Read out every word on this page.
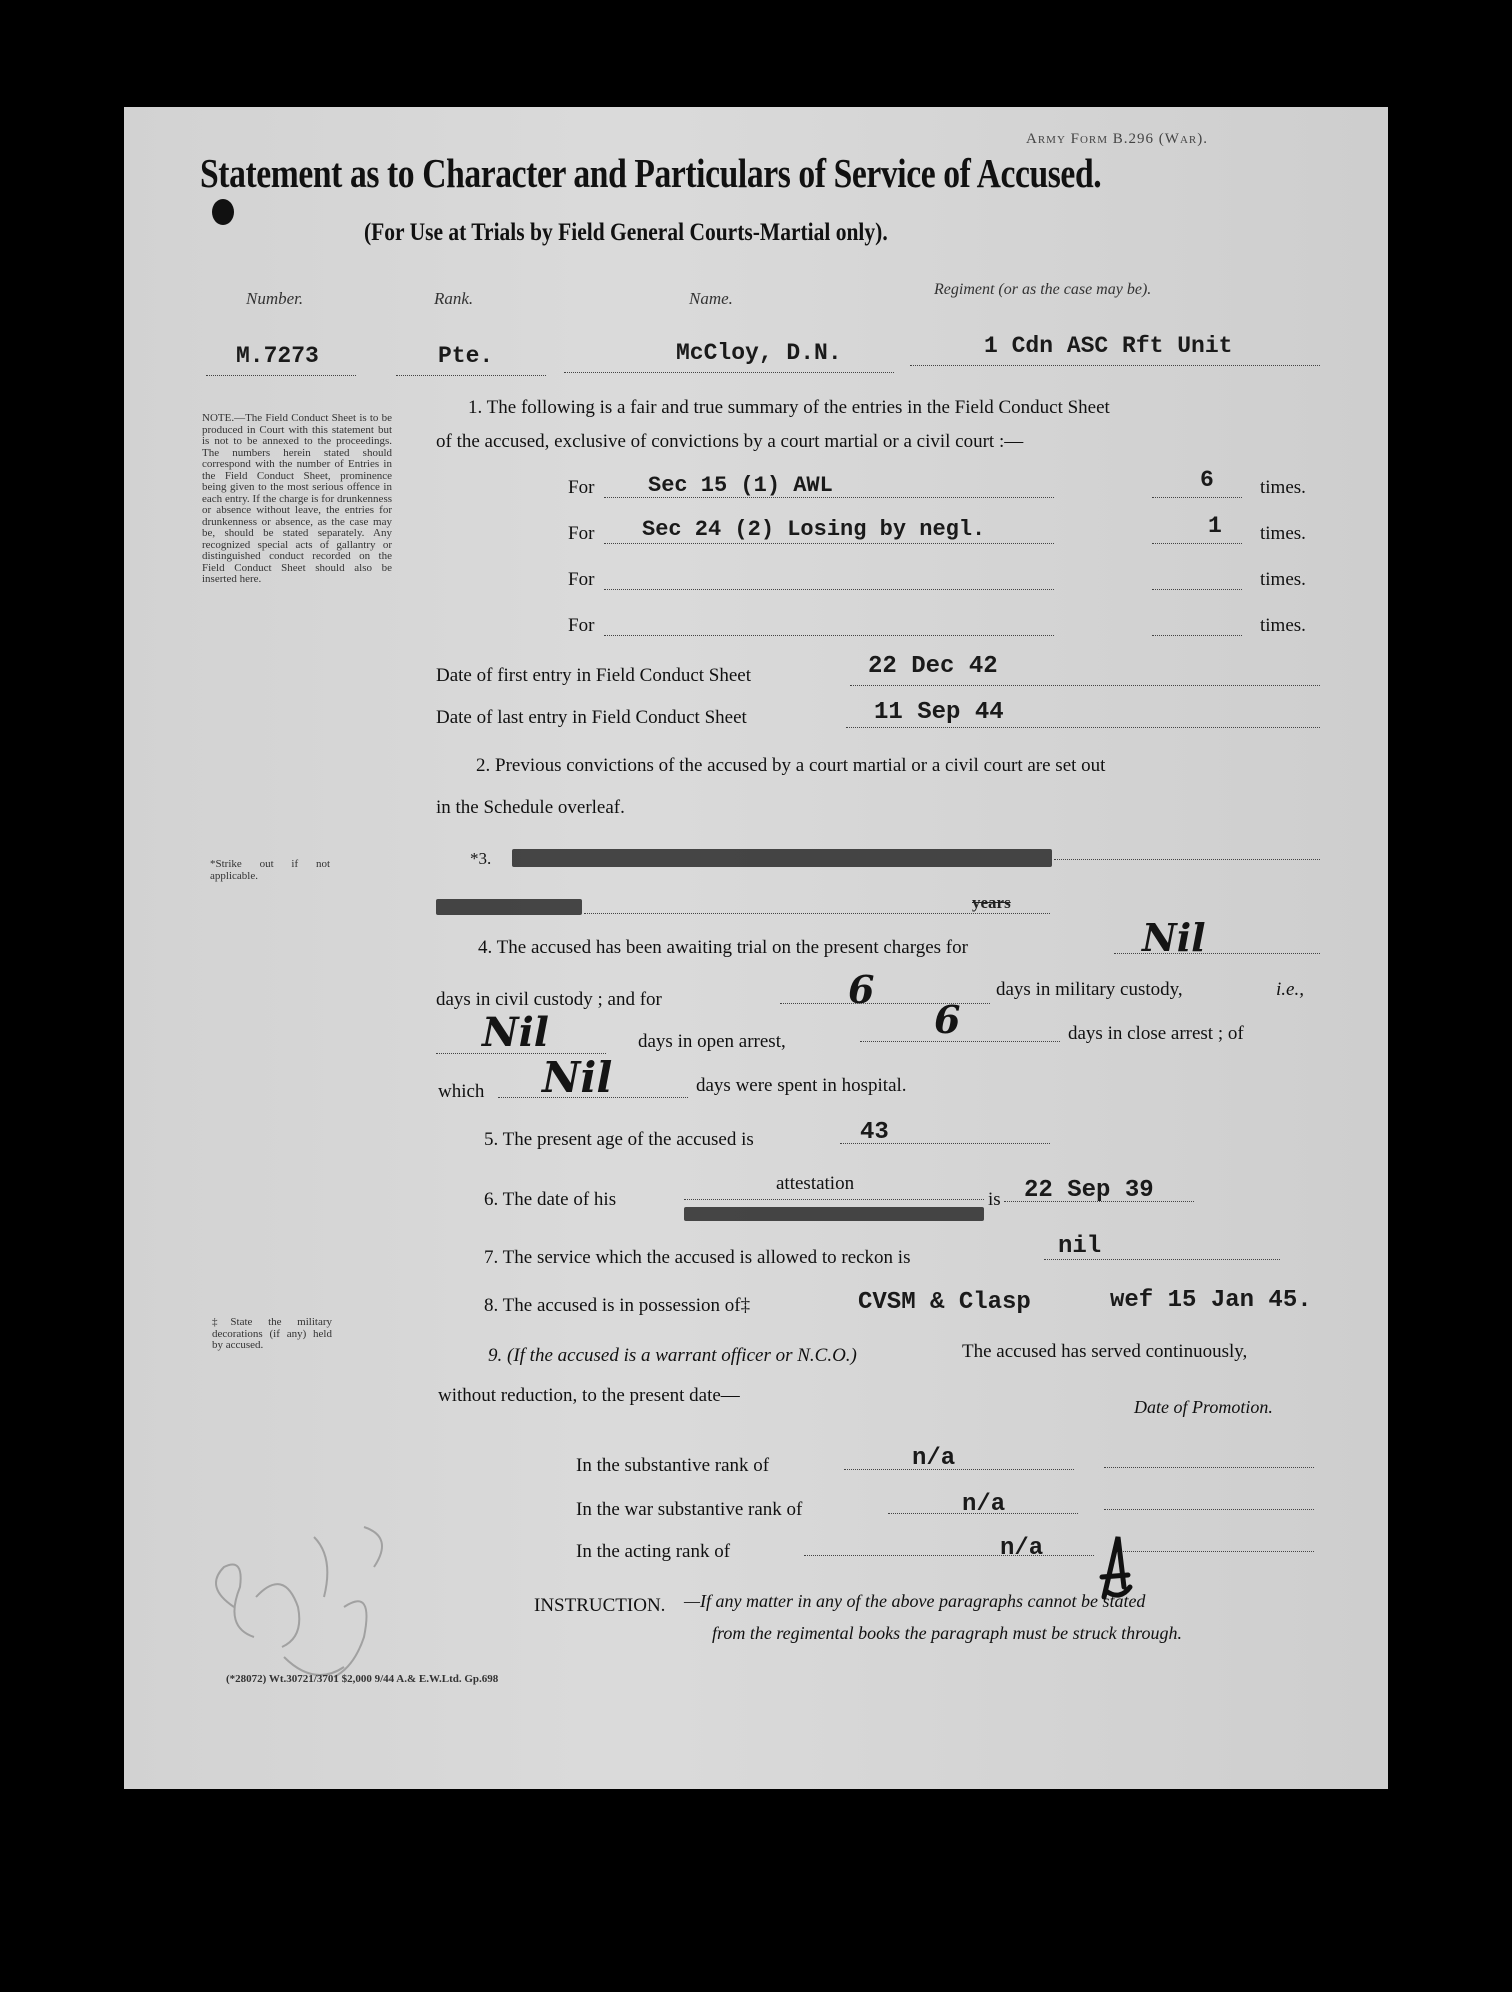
Army Form B.296 (War).
Statement as to Character and Particulars of Service of Accused.
(For Use at Trials by Field General Courts-Martial only).
Number.	Rank.	Name.	Regiment (or as the case may be).
M.7273	Pte.	McCloy, D.N.	1 Cdn ASC Rft Unit
NOTE.—The Field Conduct Sheet is to be produced in Court with this statement but is not to be annexed to the proceedings. The numbers herein stated should correspond with the number of Entries in the Field Conduct Sheet, prominence being given to the most serious offence in each entry. If the charge is for drunkenness or absence without leave, the entries for drunkenness or absence, as the case may be, should be stated separately. Any recognized special acts of gallantry or distinguished conduct recorded on the Field Conduct Sheet should also be inserted here.
*Strike out if not applicable.
‡State the military decorations (if any) held by accused.
1. The following is a fair and true summary of the entries in the Field Conduct Sheet
of the accused, exclusive of convictions by a court martial or a civil court :—
For Sec 15 (1) AWL	6 times.
For Sec 24 (2) Losing by negl.	1 times.
For	times.
For	times.
Date of first entry in Field Conduct Sheet	22 Dec 42
Date of last entry in Field Conduct Sheet	11 Sep 44
2. Previous convictions of the accused by a court martial or a civil court are set out
in the Schedule overleaf.
*3.
years
4. The accused has been awaiting trial on the present charges for	Nil
days in civil custody ; and for	6	days in military custody,	i.e.,
Nil	days in open arrest,	6	days in close arrest ; of
which Nil	days were spent in hospital.
5. The present age of the accused is	43
6. The date of his
attestation
is 22 Sep 39
7. The service which the accused is allowed to reckon is	nil
8. The accused is in possession of‡	CVSM & Clasp	wef 15 Jan 45.
9. (If the accused is a warrant officer or N.C.O.)	The accused has served continuously,
without reduction, to the present date—
Date of Promotion.
In the substantive rank of	n/a
In the war substantive rank of	n/a
In the acting rank of	n/a
INSTRUCTION. —If any matter in any of the above paragraphs cannot be stated
from the regimental books the paragraph must be struck through.
(*28072) Wt.30721/3701 $2,000 9/44 A.& E.W.Ltd. Gp.698
